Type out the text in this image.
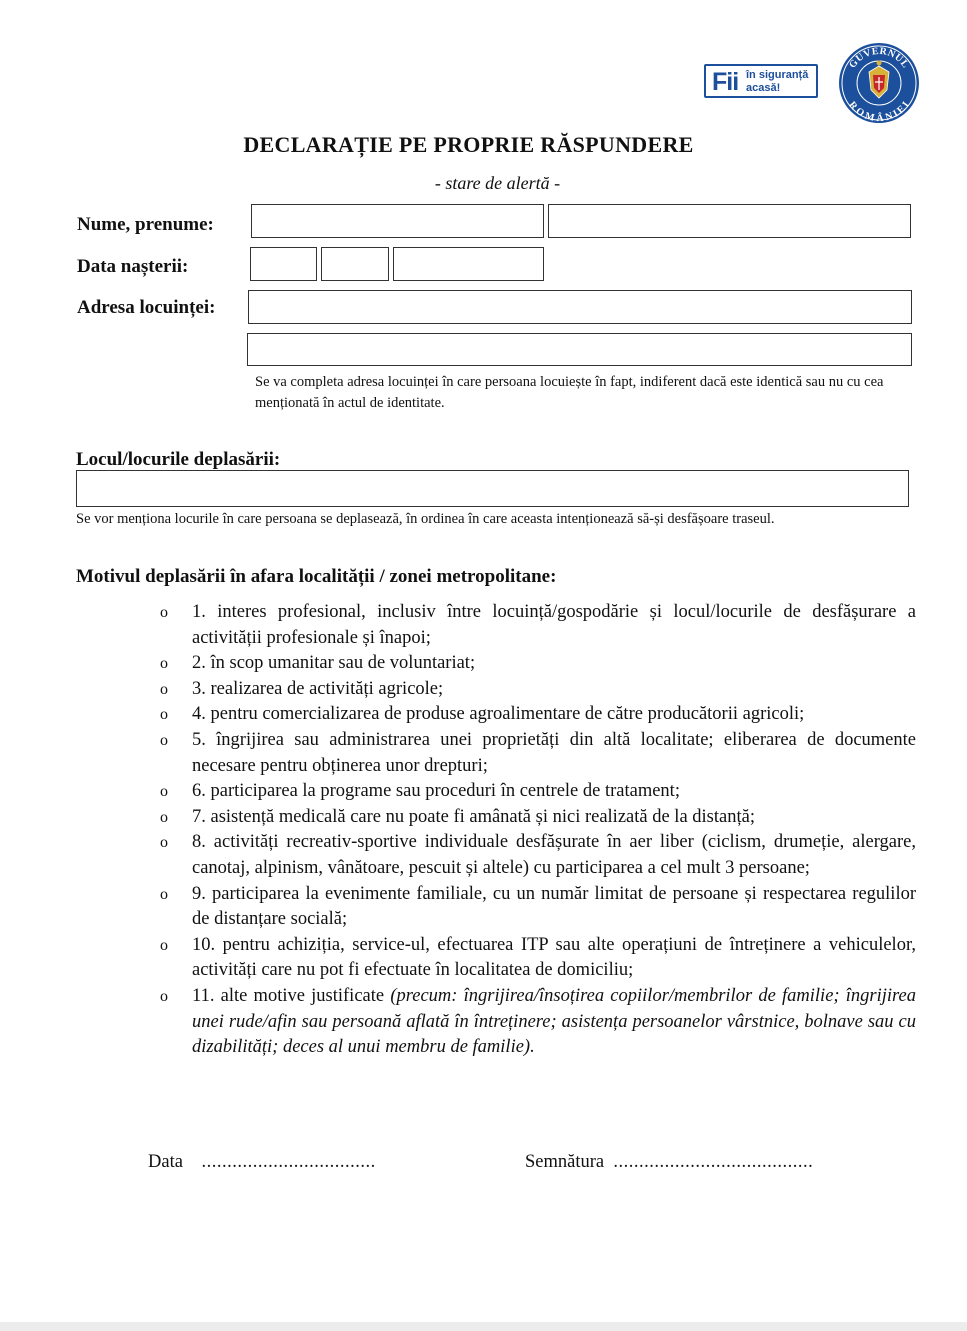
Fii în siguranță
acasă!
GUVERNUL
ROMÂNIEI
DECLARAȚIE PE PROPRIE RĂSPUNDERE
- stare de alertă -
Nume, prenume:
Data nașterii:
Adresa locuinței:
Se va completa adresa locuinței în care persoana locuiește în fapt, indiferent dacă este identică sau nu cu cea menționată în actul de identitate.
Locul/locurile deplasării:
Se vor menționa locurile în care persoana se deplasează, în ordinea în care aceasta intenționează să-și desfășoare traseul.
Motivul deplasării în afara localității / zonei metropolitane:
o 1. interes profesional, inclusiv între locuință/gospodărie și locul/locurile de desfășurare a activității profesionale și înapoi;
o 2. în scop umanitar sau de voluntariat;
o 3. realizarea de activități agricole;
o 4. pentru comercializarea de produse agroalimentare de către producătorii agricoli;
o 5. îngrijirea sau administrarea unei proprietăți din altă localitate; eliberarea de documente necesare pentru obținerea unor drepturi;
o 6. participarea la programe sau proceduri în centrele de tratament;
o 7. asistență medicală care nu poate fi amânată și nici realizată de la distanță;
o 8. activități recreativ-sportive individuale desfășurate în aer liber (ciclism, drumeție, alergare, canotaj, alpinism, vânătoare, pescuit și altele) cu participarea a cel mult 3 persoane;
o 9. participarea la evenimente familiale, cu un număr limitat de persoane și respectarea regulilor de distanțare socială;
o 10. pentru achiziția, service-ul, efectuarea ITP sau alte operațiuni de întreținere a vehiculelor, activități care nu pot fi efectuate în localitatea de domiciliu;
o 11. alte motive justificate (precum: îngrijirea/însoțirea copiilor/membrilor de familie; îngrijirea unei rude/afin sau persoană aflată în întreținere; asistența persoanelor vârstnice, bolnave sau cu dizabilități; deces al unui membru de familie).
Data ..................................	Semnătura .......................................
